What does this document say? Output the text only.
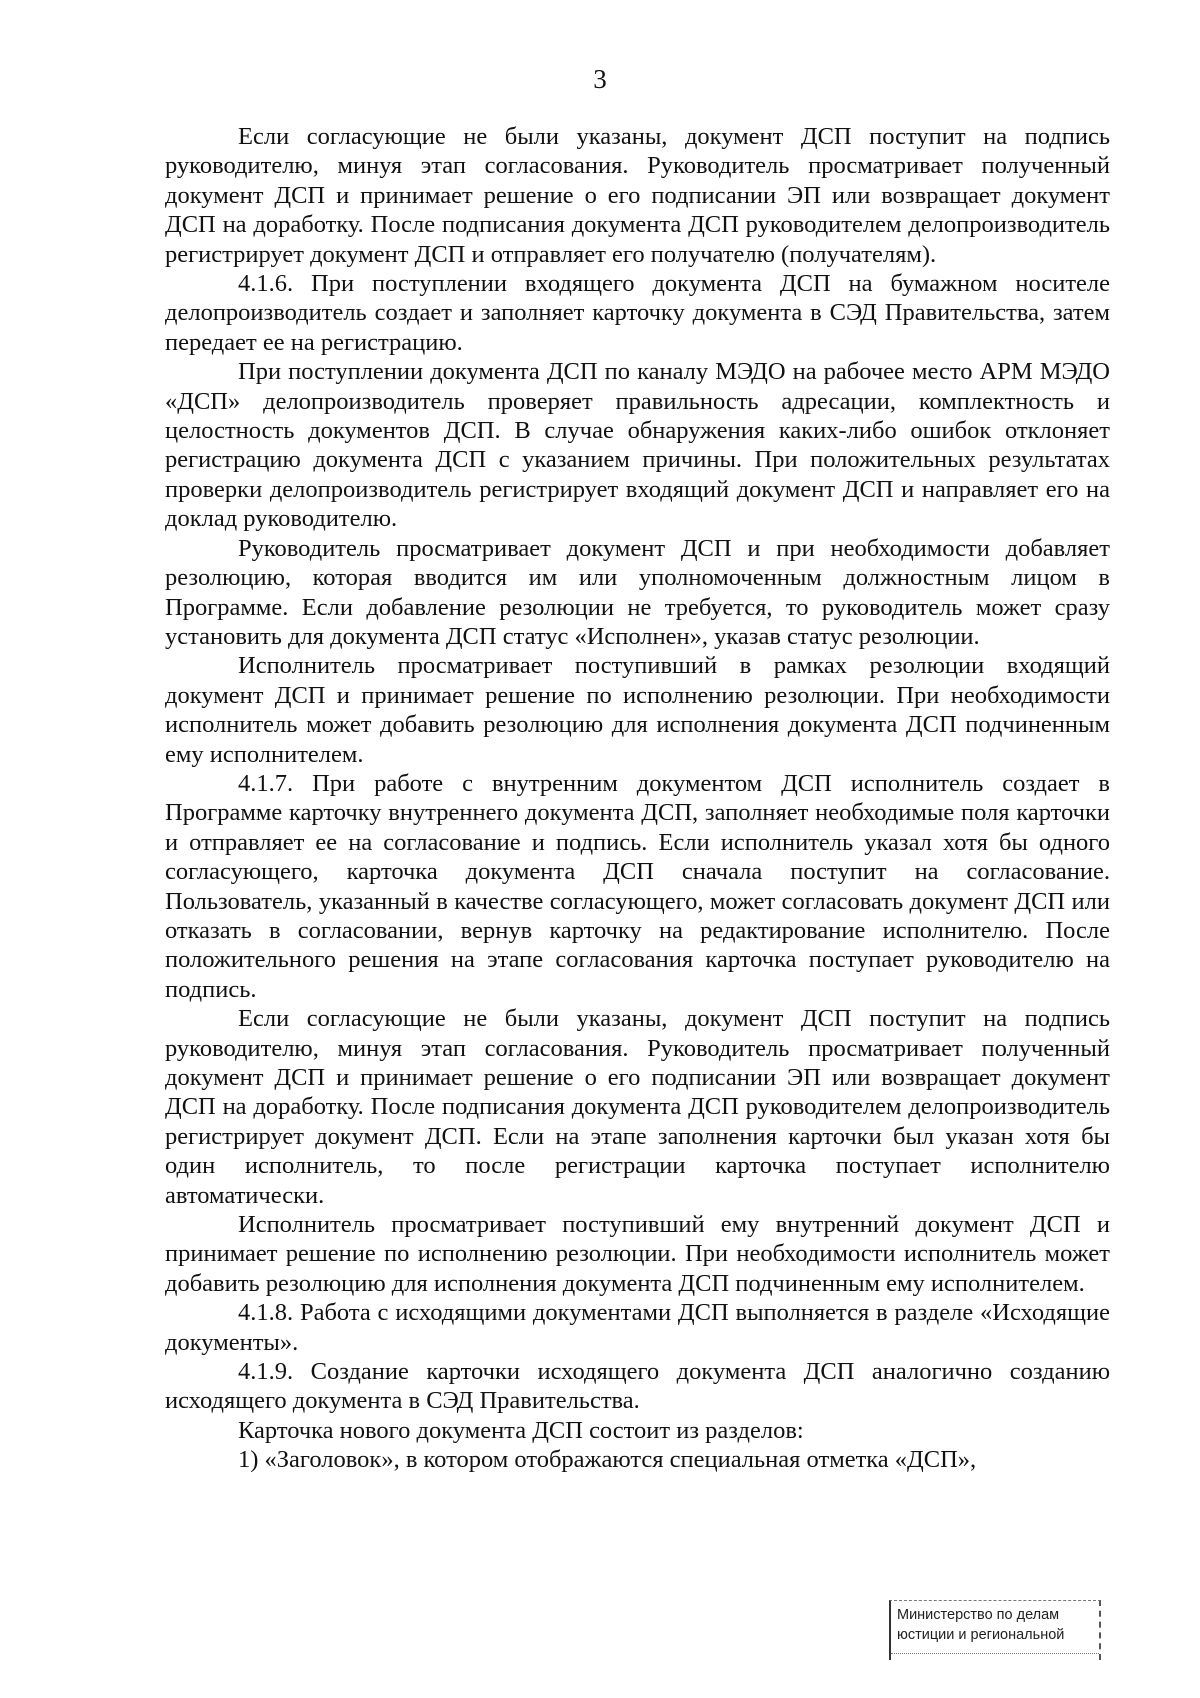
3

Если согласующие не были указаны, документ ДСП поступит на подпись руководителю, минуя этап согласования. Руководитель просматривает полученный документ ДСП и принимает решение о его подписании ЭП или возвращает документ ДСП на доработку. После подписания документа ДСП руководителем делопроизводитель регистрирует документ ДСП и отправляет его получателю (получателям).

4.1.6. При поступлении входящего документа ДСП на бумажном носителе делопроизводитель создает и заполняет карточку документа в СЭД Правительства, затем передает ее на регистрацию.

При поступлении документа ДСП по каналу МЭДО на рабочее место АРМ МЭДО «ДСП» делопроизводитель проверяет правильность адресации, комплектность и целостность документов ДСП. В случае обнаружения каких-либо ошибок отклоняет регистрацию документа ДСП с указанием причины. При положительных результатах проверки делопроизводитель регистрирует входящий документ ДСП и направляет его на доклад руководителю.

Руководитель просматривает документ ДСП и при необходимости добавляет резолюцию, которая вводится им или уполномоченным должностным лицом в Программе. Если добавление резолюции не требуется, то руководитель может сразу установить для документа ДСП статус «Исполнен», указав статус резолюции.

Исполнитель просматривает поступивший в рамках резолюции входящий документ ДСП и принимает решение по исполнению резолюции. При необходимости исполнитель может добавить резолюцию для исполнения документа ДСП подчиненным ему исполнителем.

4.1.7. При работе с внутренним документом ДСП исполнитель создает в Программе карточку внутреннего документа ДСП, заполняет необходимые поля карточки и отправляет ее на согласование и подпись. Если исполнитель указал хотя бы одного согласующего, карточка документа ДСП сначала поступит на согласование. Пользователь, указанный в качестве согласующего, может согласовать документ ДСП или отказать в согласовании, вернув карточку на редактирование исполнителю. После положительного решения на этапе согласования карточка поступает руководителю на подпись.

Если согласующие не были указаны, документ ДСП поступит на подпись руководителю, минуя этап согласования. Руководитель просматривает полученный документ ДСП и принимает решение о его подписании ЭП или возвращает документ ДСП на доработку. После подписания документа ДСП руководителем делопроизводитель регистрирует документ ДСП. Если на этапе заполнения карточки был указан хотя бы один исполнитель, то после регистрации карточка поступает исполнителю автоматически.

Исполнитель просматривает поступивший ему внутренний документ ДСП и принимает решение по исполнению резолюции. При необходимости исполнитель может добавить резолюцию для исполнения документа ДСП подчиненным ему исполнителем.

4.1.8. Работа с исходящими документами ДСП выполняется в разделе «Исходящие документы».

4.1.9. Создание карточки исходящего документа ДСП аналогично созданию исходящего документа в СЭД Правительства.

Карточка нового документа ДСП состоит из разделов:

1) «Заголовок», в котором отображаются специальная отметка «ДСП»,

Министерство по делам
юстиции и региональной
